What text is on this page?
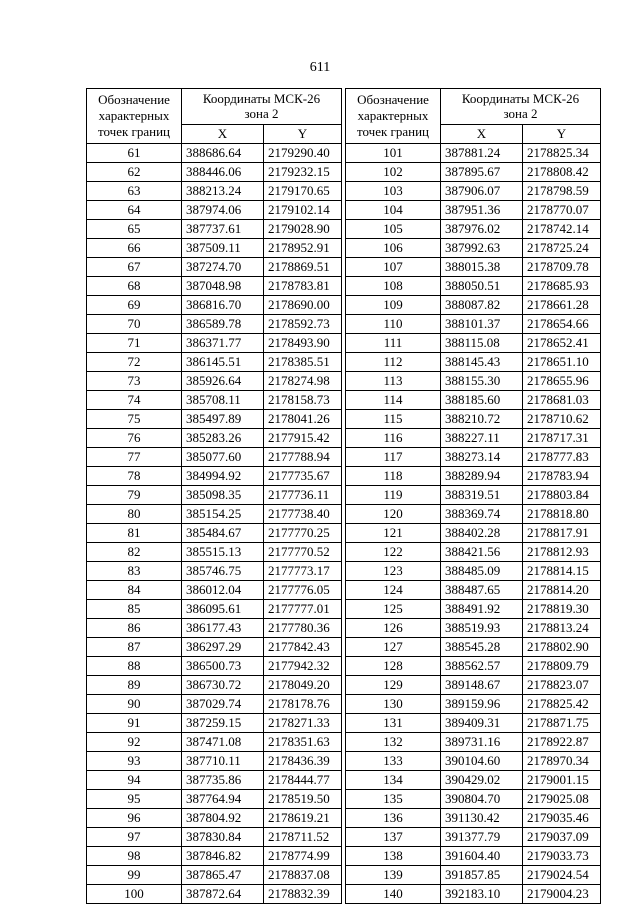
611
Обозначение
характерных
точек границ	Координаты МСК-26
зона 2	

	X	Y
61	388686.64	2179290.40
62	388446.06	2179232.15
63	388213.24	2179170.65
64	387974.06	2179102.14
65	387737.61	2179028.90
66	387509.11	2178952.91
67	387274.70	2178869.51
68	387048.98	2178783.81
69	386816.70	2178690.00
70	386589.78	2178592.73
71	386371.77	2178493.90
72	386145.51	2178385.51
73	385926.64	2178274.98
74	385708.11	2178158.73
75	385497.89	2178041.26
76	385283.26	2177915.42
77	385077.60	2177788.94
78	384994.92	2177735.67
79	385098.35	2177736.11
80	385154.25	2177738.40
81	385484.67	2177770.25
82	385515.13	2177770.52
83	385746.75	2177773.17
84	386012.04	2177776.05
85	386095.61	2177777.01
86	386177.43	2177780.36
87	386297.29	2177842.43
88	386500.73	2177942.32
89	386730.72	2178049.20
90	387029.74	2178178.76
91	387259.15	2178271.33
92	387471.08	2178351.63
93	387710.11	2178436.39
94	387735.86	2178444.77
95	387764.94	2178519.50
96	387804.92	2178619.21
97	387830.84	2178711.52
98	387846.82	2178774.99
99	387865.47	2178837.08
100	387872.64	2178832.39
Обозначение
характерных
точек границ	Координаты МСК-26
зона 2	

	X	Y
101	387881.24	2178825.34
102	387895.67	2178808.42
103	387906.07	2178798.59
104	387951.36	2178770.07
105	387976.02	2178742.14
106	387992.63	2178725.24
107	388015.38	2178709.78
108	388050.51	2178685.93
109	388087.82	2178661.28
110	388101.37	2178654.66
111	388115.08	2178652.41
112	388145.43	2178651.10
113	388155.30	2178655.96
114	388185.60	2178681.03
115	388210.72	2178710.62
116	388227.11	2178717.31
117	388273.14	2178777.83
118	388289.94	2178783.94
119	388319.51	2178803.84
120	388369.74	2178818.80
121	388402.28	2178817.91
122	388421.56	2178812.93
123	388485.09	2178814.15
124	388487.65	2178814.20
125	388491.92	2178819.30
126	388519.93	2178813.24
127	388545.28	2178802.90
128	388562.57	2178809.79
129	389148.67	2178823.07
130	389159.96	2178825.42
131	389409.31	2178871.75
132	389731.16	2178922.87
133	390104.60	2178970.34
134	390429.02	2179001.15
135	390804.70	2179025.08
136	391130.42	2179035.46
137	391377.79	2179037.09
138	391604.40	2179033.73
139	391857.85	2179024.54
140	392183.10	2179004.23
